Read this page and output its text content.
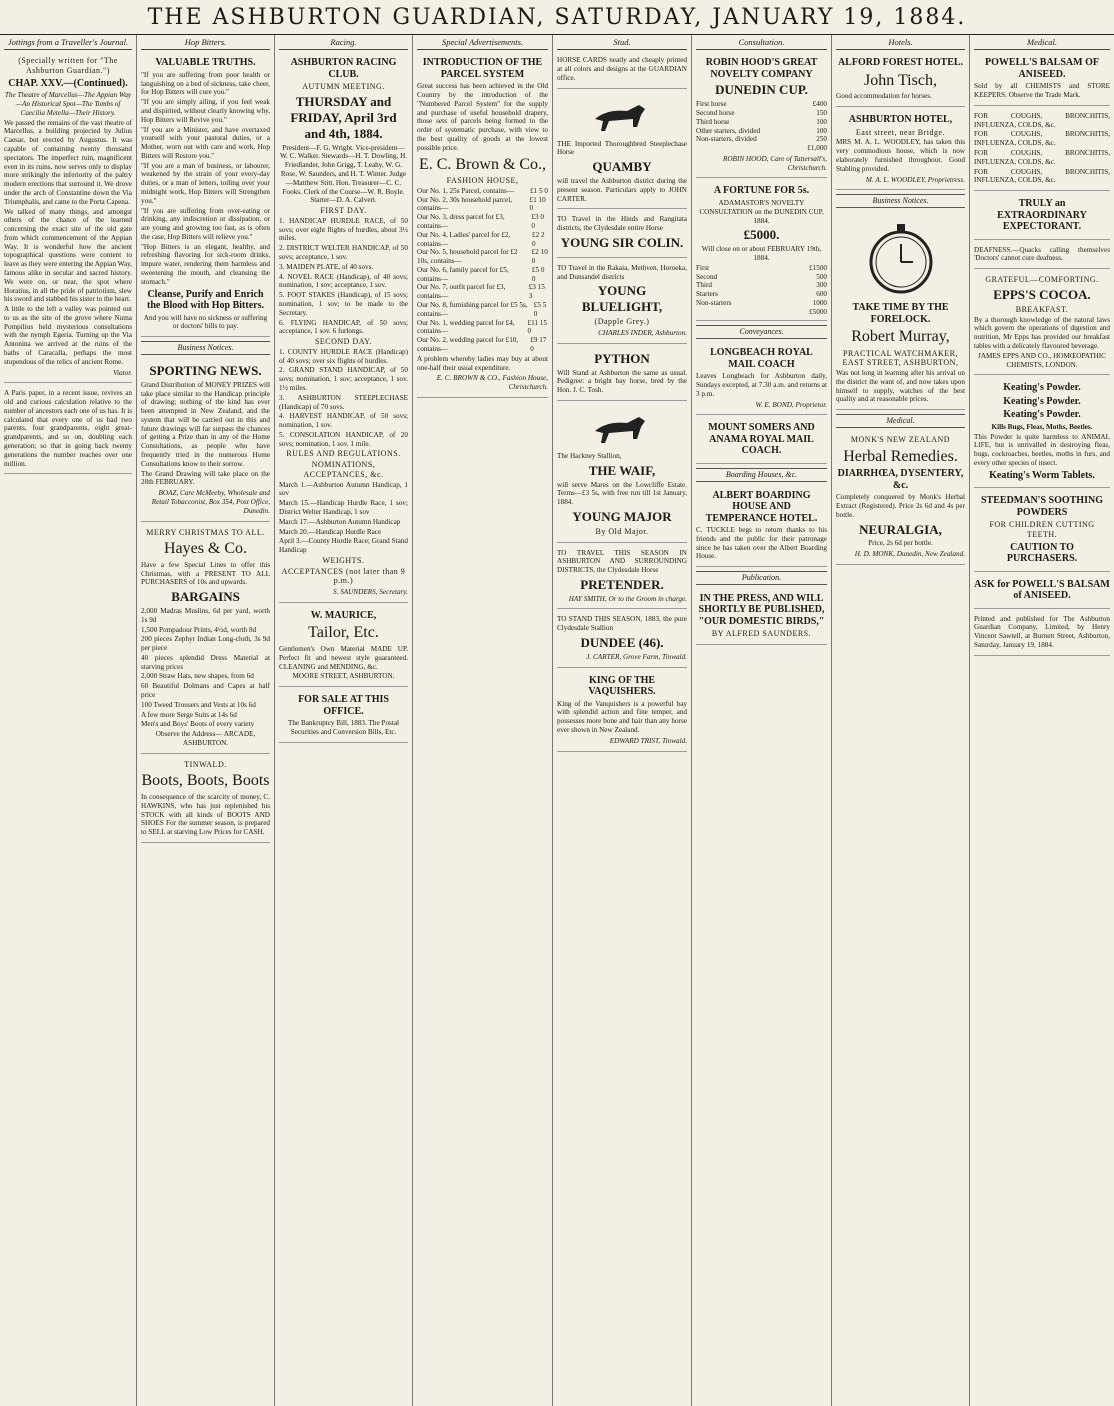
THE ASHBURTON GUARDIAN, SATURDAY, JANUARY 19, 1884.
Jottings from a Traveller's Journal.
(Specially written for "The Ashburton Guardian.")
CHAP. XXV.—(Continued).

The Theatre of Marcellus—The Appian Way—An Historical Spot—The Tombs of Caecilia Metella—Their History.

We passed the remains of the vast theatre of Marcellus, a building projected by Julius Caesar, but erected by Augustus. It was capable of containing twenty thousand spectators. The imperfect ruin, magnificent even in its ruins, now serves only to display more strikingly the inferiority of the paltry modern erections that surround it. We drove under the arch of Constantine down the Via Triumphalis, and came to the Porta Capena.

We talked of many things, and amongst others of the chance of the learned concerning the exact site of the old gate from which commencement of the Appian Way. It is wonderful how the ancient topographical questions were content to leave as they were entering the Appian Way, famous alike in secular and sacred history. We were on, or near, the spot where Horatius, in all the pride of patriotism, slew his sword and stabbed his sister to the heart.

A little to the left a valley was pointed out to us as the site of the grove where Numa Pompilius held mysterious consultations with the nymph Egeria. Turning up the Via Antonina we arrived at the ruins of the baths of Caracalla, perhaps the most stupendous of the relics of ancient Rome.

Viator.

A Paris paper, in a recent issue, revives an old and curious calculation relative to the number of ancestors each one of us has. It is calculated that every one of us had two parents, four grandparents, eight great-grandparents, and so on, doubling each generation; so that in going back twenty generations the number reaches over one million.

Hop Bitters.
VALUABLE TRUTHS.

"If you are suffering from poor health or languishing on a bed of sickness, take cheer, for Hop Bitters will cure you."

"If you are simply ailing, if you feel weak and dispirited, without clearly knowing why, Hop Bitters will Revive you."

"If you are a Minister, and have overtaxed yourself with your pastoral duties, or a Mother, worn out with care and work, Hop Bitters will Restore you."

"If you are a man of business, or labourer, weakened by the strain of your every-day duties, or a man of letters, toiling over your midnight work, Hop Bitters will Strengthen you."

"If you are suffering from over-eating or drinking, any indiscretion or dissipation, or are young and growing too fast, as is often the case, Hop Bitters will relieve you."

"Hop Bitters is an elegant, healthy, and refreshing flavoring for sick-room drinks, impure water, rendering them harmless and sweetening the mouth, and cleansing the stomach."

Cleanse, Purify and Enrich the Blood with Hop Bitters.

And you will have no sickness or suffering or doctors' bills to pay.

Business Notices.
SPORTING NEWS.

Grand Distribution of MONEY PRIZES will take place similar to the Handicap principle of drawing; nothing of the kind has ever been attempted in New Zealand, and the system that will be carried out in this and future drawings will far surpass the chances of getting a Prize than in any of the Home Consultations, as people who have frequently tried in the numerous Home Consultations know to their sorrow.

The Grand Drawing will take place on the 28th FEBRUARY.

BOAZ, Care McMeeby, Wholesale and Retail Tobacconist, Box 354, Post Office, Dunedin.

MERRY CHRISTMAS TO ALL.
Hayes & Co.

Have a few Special Lines to offer this Christmas, with a PRESENT TO ALL PURCHASERS of 10s and upwards.

BARGAINS

2,000 Madras Muslins, 6d per yard, worth 1s 9d

1,500 Pompadour Prints, 4½d, worth 8d

200 pieces Zephyr Indian Long-cloth, 3s 9d per piece

40 pieces splendid Dress Material at starving prices

2,000 Straw Hats, new shapes, from 6d

60 Beautiful Dolmans and Capes at half price

100 Tweed Trousers and Vests at 10s 6d

A few more Serge Suits at 14s 6d

Men's and Boys' Boots of every variety

Observe the Address— ARCADE, ASHBURTON.

TINWALD.
Boots, Boots, Boots

In consequence of the scarcity of money, C. HAWKINS, who has just replenished his STOCK with all kinds of BOOTS AND SHOES For the summer season, is prepared to SELL at starving Low Prices for CASH.

Racing.
ASHBURTON RACING CLUB.
AUTUMN MEETING.
THURSDAY and FRIDAY, April 3rd and 4th, 1884.

President—F. G. Wright. Vice-president—W. C. Walker. Stewards—H. T. Dowling, H. Friedlander, John Grigg, T. Leahy, W. G. Rose, W. Saunders, and H. T. Winter. Judge—Matthew Stitt. Hon. Treasurer—C. C. Fooks. Clerk of the Course—W. R. Boyle. Starter—D. A. Calvert.

FIRST DAY.

1. HANDICAP HURDLE RACE, of 50 sovs; over eight flights of hurdles, about 3½ miles.

2. DISTRICT WELTER HANDICAP, of 50 sovs; acceptance, 1 sov.

3. MAIDEN PLATE, of 40 sovs.

4. NOVEL RACE (Handicap), of 40 sovs; nomination, 1 sov; acceptance, 1 sov.

5. FOOT STAKES (Handicap), of 15 sovs; nomination, 1 sov; to be made to the Secretary.

6. FLYING HANDICAP, of 50 sovs; acceptance, 1 sov. 6 furlongs.

SECOND DAY.

1. COUNTY HURDLE RACE (Handicap) of 40 sovs; over six flights of hurdles.

2. GRAND STAND HANDICAP, of 50 sovs; nomination, 1 sov; acceptance, 1 sov. 1½ miles.

3. ASHBURTON STEEPLECHASE (Handicap) of 70 sovs.

4. HARVEST HANDICAP, of 50 sovs; nomination, 1 sov.

5. CONSOLATION HANDICAP, of 20 sovs; nomination, 1 sov. 1 mile.

RULES AND REGULATIONS.
NOMINATIONS, ACCEPTANCES, &c.

March 1.—Ashburton Autumn Handicap, 1 sov

March 15.—Handicap Hurdle Race, 1 sov; District Welter Handicap, 1 sov

March 17.—Ashburton Autumn Handicap

March 20.—Handicap Hurdle Race

April 3.—County Hurdle Race; Grand Stand Handicap

WEIGHTS.
ACCEPTANCES (not later than 9 p.m.)

S. SAUNDERS, Secretary.

W. MAURICE,
Tailor, Etc.

Gentlemen's Own Material MADE UP. Perfect fit and newest style guaranteed. CLEANING and MENDING, &c.

MOORE STREET, ASHBURTON.

FOR SALE AT THIS OFFICE.

The Bankruptcy Bill, 1883. The Postal Securities and Conversion Bills, Etc.

Special Advertisements.
INTRODUCTION OF THE PARCEL SYSTEM

Great success has been achieved in the Old Country by the introduction of the "Numbered Parcel System" for the supply and purchase of useful household drapery, those sets of parcels being formed to the order of systematic purchase, with view to the best quality of goods at the lowest possible price.

E. C. Brown & Co.,
FASHION HOUSE,
Our No. 1, 25s Parcel, contains—	£1 5 0
Our No. 2, 30s household parcel, contains—
£1 10 0
Our No. 3, dress parcel for £3, contains—
£3 0 0
Our No. 4, Ladies' parcel for £2, contains—
£2 2 0
Our No. 5, household parcel for £2 10s, contains—
£2 10 0
Our No. 6, family parcel for £5, contains—
£5 0 0
Our No. 7, outfit parcel for £3, contains—
£3 15 3
Our No. 8, furnishing parcel for £5 5s, contains—
£5 5 0
Our No. 1, wedding parcel for £4, contains—
£11 15 0
Our No. 2, wedding parcel for £10, contains—
£9 17 0

A problem whereby ladies may buy at about one-half their usual expenditure.

E. C. BROWN & CO., Fashion House, Christchurch.

Stud.

HORSE CARDS neatly and cheaply printed at all colors and designs at the GUARDIAN office.

THE Imported Thoroughbred Steeplechase Horse

QUAMBY

will travel the Ashburton district during the present season. Particulars apply to JOHN CARTER.

TO Travel in the Hinds and Rangitata districts, the Clydesdale entire Horse

YOUNG SIR COLIN.

TO Travel in the Rakaia, Methven, Horoeka, and Dunsandel districts

YOUNG BLUELIGHT,
(Dapple Grey.)

CHARLES INDER, Ashburton.

PYTHON

Will Stand at Ashburton the same as usual. Pedigree: a bright bay horse, bred by the Hon. J. C. Tosh.

The Hackney Stallion,

THE WAIF,

will serve Mares on the Lowcliffe Estate. Terms—£3 5s, with free run till 1st January, 1884.

YOUNG MAJOR
By Old Major.

TO TRAVEL THIS SEASON IN ASHBURTON AND SURROUNDING DISTRICTS, the Clydesdale Horse

PRETENDER.

HAY SMITH, Or to the Groom in charge.

TO STAND THIS SEASON, 1883, the pure Clydesdale Stallion

DUNDEE (46).

J. CARTER, Grove Farm, Tinwald.

KING OF THE VAQUISHERS.

King of the Vanquishers is a powerful bay with splendid action and fine temper, and possesses more bone and hair than any horse ever shown in New Zealand.

EDWARD TRIST, Tinwald.

Consultation.
ROBIN HOOD'S GREAT NOVELTY COMPANY
DUNEDIN CUP.
First horse	£400
Second horse	150
Third horse	100
Other starters, divided	100
Non-starters, divided	250
£1,000

ROBIN HOOD, Care of Tattersall's, Christchurch.

A FORTUNE FOR 5s.

ADAMASTOR'S NOVELTY CONSULTATION on the DUNEDIN CUP, 1884.

£5000.

Will close on or about FEBRUARY 19th, 1884.

First	£1500
Second	500
Third	300
Starters	600
Non-starters	1000
£5000
Conveyances.
LONGBEACH ROYAL MAIL COACH

Leaves Longbeach for Ashburton daily, Sundays excepted, at 7.30 a.m. and returns at 3 p.m.

W. E. BOND, Proprietor.

MOUNT SOMERS AND ANAMA ROYAL MAIL COACH.
Boarding Houses, &c.
ALBERT BOARDING HOUSE AND TEMPERANCE HOTEL.

C. TUCKLE begs to return thanks to his friends and the public for their patronage since he has taken over the Albert Boarding House.

Publication.
IN THE PRESS, AND WILL SHORTLY BE PUBLISHED, "OUR DOMESTIC BIRDS,"
BY ALFRED SAUNDERS.
Hotels.
ALFORD FOREST HOTEL.
John Tisch,

Good accommodation for horses.

ASHBURTON HOTEL,
East street, near Bridge.

MRS M. A. L. WOODLEY, has taken this very commodious house, which is now elaborately furnished throughout. Good Stabling provided.

M. A. L. WOODLEY, Proprietress.

Business Notices.
TAKE TIME BY THE FORELOCK.
Robert Murray,
PRACTICAL WATCHMAKER, EAST STREET, ASHBURTON,

Was not long in learning after his arrival on the district the want of, and now takes upon himself to supply, watches of the best quality and at reasonable prices.

Medical.
MONK'S NEW ZEALAND
Herbal Remedies.
DIARRHŒA, DYSENTERY, &c.

Completely conquered by Monk's Herbal Extract (Registered). Price 2s 6d and 4s per bottle.

NEURALGIA,

Price, 2s 6d per bottle.

H. D. MONK, Dunedin, New Zealand.

Medical.
POWELL'S BALSAM OF ANISEED.

Sold by all CHEMISTS and STORE KEEPERS. Observe the Trade Mark.

FOR COUGHS, BRONCHITIS, INFLUENZA, COLDS, &c.

FOR COUGHS, BRONCHITIS, INFLUENZA, COLDS, &c.

FOR COUGHS, BRONCHITIS, INFLUENZA, COLDS, &c.

FOR COUGHS, BRONCHITIS, INFLUENZA, COLDS, &c.

TRULY an EXTRAORDINARY EXPECTORANT.

DEAFNESS.—Quacks calling themselves 'Doctors' cannot cure deafness.

GRATEFUL—COMFORTING.
EPPS'S COCOA.
BREAKFAST.

By a thorough knowledge of the natural laws which govern the operations of digestion and nutrition, Mr Epps has provided our breakfast tables with a delicately flavoured beverage.

JAMES EPPS AND CO., HOMŒOPATHIC CHEMISTS, LONDON.

Keating's Powder.
Keating's Powder.
Keating's Powder.

Kills Bugs, Fleas, Moths, Beetles.

This Powder is quite harmless to ANIMAL LIFE, but is unrivalled in destroying fleas, bugs, cockroaches, beetles, moths in furs, and every other species of insect.

Keating's Worm Tablets.
STEEDMAN'S SOOTHING POWDERS
FOR CHILDREN CUTTING TEETH.
CAUTION TO PURCHASERS.
ASK for POWELL'S BALSAM of ANISEED.

Printed and published for The Ashburton Guardian Company, Limited, by Henry Vincent Sawtell, at Burnett Street, Ashburton, Saturday, January 19, 1884.
